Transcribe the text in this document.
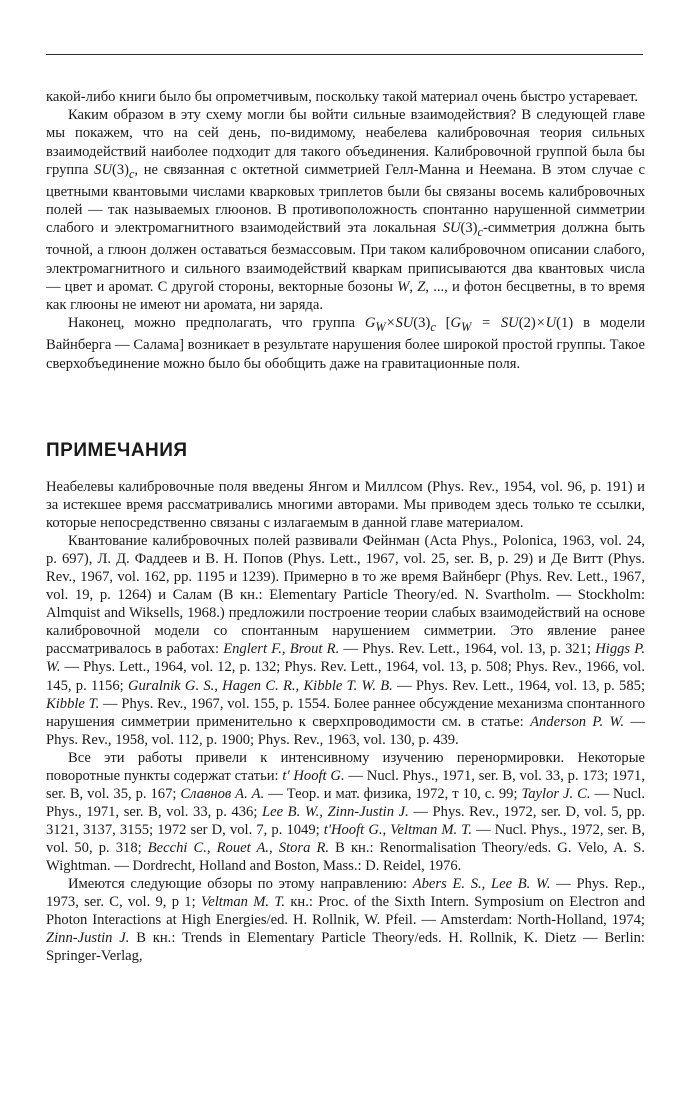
какой-либо книги было бы опрометчивым, поскольку такой материал очень быстро устаревает.

Каким образом в эту схему могли бы войти сильные взаимодействия? В следующей главе мы покажем, что на сей день, по-видимому, неабелева калибровочная теория сильных взаимодействий наиболее подходит для такого объединения. Калибровочной группой была бы группа $SU(3)_c$, не связанная с октетной симметрией Гелл-Манна и Неемана. В этом случае с цветными квантовыми числами кварковых триплетов были бы связаны восемь калибровочных полей — так называемых глюонов. В противоположность спонтанно нарушенной симметрии слабого и электромагнитного взаимодействий эта локальная $SU(3)_c$-симметрия должна быть точной, а глюон должен оставаться безмассовым. При таком калибровочном описании слабого, электромагнитного и сильного взаимодействий кваркам приписываются два квантовых числа — цвет и аромат. С другой стороны, векторные бозоны W, Z, ..., и фотон бесцветны, в то время как глюоны не имеют ни аромата, ни заряда.

Наконец, можно предполагать, что группа $G_W\times SU(3)_c$ [$G_W = SU(2)\times U(1)$ в модели Вайнберга — Салама] возникает в результате нарушения более широкой простой группы. Такое сверхобъединение можно было бы обобщить даже на гравитационные поля.

ПРИМЕЧАНИЯ

Неабелевы калибровочные поля введены Янгом и Миллсом (Phys. Rev., 1954, vol. 96, p. 191) и за истекшее время рассматривались многими авторами. Мы приводем здесь только те ссылки, которые непосредственно связаны с излагаемым в данной главе материалом.

Квантование калибровочных полей развивали Фейнман (Acta Phys., Polonica, 1963, vol. 24, p. 697), Л. Д. Фаддеев и В. Н. Попов (Phys. Lett., 1967, vol. 25, ser. B, p. 29) и Де Витт (Phys. Rev., 1967, vol. 162, pp. 1195 и 1239). Примерно в то же время Вайнберг (Phys. Rev. Lett., 1967, vol. 19, p. 1264) и Салам (В кн.: Elementary Particle Theory/ed. N. Svartholm. — Stockholm: Almquist and Wiksells, 1968.) предложили построение теории слабых взаимодействий на основе калибровочной модели со спонтанным нарушением симметрии. Это явление ранее рассматривалось в работах: Englert F., Brout R. — Phys. Rev. Lett., 1964, vol. 13, p. 321; Higgs P. W. — Phys. Lett., 1964, vol. 12, p. 132; Phys. Rev. Lett., 1964, vol. 13, p. 508; Phys. Rev., 1966, vol. 145, p. 1156; Guralnik G. S., Hagen C. R., Kibble T. W. B. — Phys. Rev. Lett., 1964, vol. 13, p. 585; Kibble T. — Phys. Rev., 1967, vol. 155, p. 1554. Более раннее обсуждение механизма спонтанного нарушения симметрии применительно к сверхпроводимости см. в статье: Anderson P. W. — Phys. Rev., 1958, vol. 112, p. 1900; Phys. Rev., 1963, vol. 130, p. 439.

Все эти работы привели к интенсивному изучению перенормировки. Некоторые поворотные пункты содержат статьи: t' Hooft G. — Nucl. Phys., 1971, ser. B, vol. 33, p. 173; 1971, ser. B, vol. 35, p. 167; Славнов А. А. — Теор. и мат. физика, 1972, т 10, с. 99; Taylor J. C. — Nucl. Phys., 1971, ser. B, vol. 33, p. 436; Lee B. W., Zinn-Justin J. — Phys. Rev., 1972, ser. D, vol. 5, pp. 3121, 3137, 3155; 1972 ser D, vol. 7, p. 1049; t'Hooft G., Veltman M. T. — Nucl. Phys., 1972, ser. B, vol. 50, p. 318; Becchi C., Rouet A., Stora R. В кн.: Renormalisation Theory/eds. G. Velo, A. S. Wightman. — Dordrecht, Holland and Boston, Mass.: D. Reidel, 1976.

Имеются следующие обзоры по этому направлению: Abers E. S., Lee B. W. — Phys. Rep., 1973, ser. C, vol. 9, p 1; Veltman M. T. кн.: Proc. of the Sixth Intern. Symposium on Electron and Photon Interactions at High Energies/ed. H. Rollnik, W. Pfeil. — Amsterdam: North-Holland, 1974; Zinn-Justin J. В кн.: Trends in Elementary Particle Theory/eds. H. Rollnik, K. Dietz — Berlin: Springer-Verlag,
